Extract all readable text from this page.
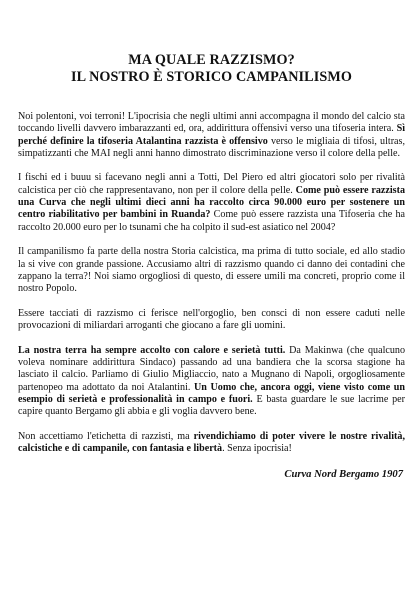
MA QUALE RAZZISMO?
IL NOSTRO È STORICO CAMPANILISMO

Noi polentoni, voi terroni! L'ipocrisia che negli ultimi anni accompagna il mondo del calcio sta toccando livelli davvero imbarazzanti ed, ora, addirittura offensivi verso una tifoseria intera. Sì perché definire la tifoseria Atalantina razzista è offensivo verso le migliaia di tifosi, ultras, simpatizzanti che MAI negli anni hanno dimostrato discriminazione verso il colore della pelle.

I fischi ed i buuu si facevano negli anni a Totti, Del Piero ed altri giocatori solo per rivalità calcistica per ciò che rappresentavano, non per il colore della pelle. Come può essere razzista una Curva che negli ultimi dieci anni ha raccolto circa 90.000 euro per sostenere un centro riabilitativo per bambini in Ruanda? Come può essere razzista una Tifoseria che ha raccolto 20.000 euro per lo tsunami che ha colpito il sud-est asiatico nel 2004?

Il campanilismo fa parte della nostra Storia calcistica, ma prima di tutto sociale, ed allo stadio la si vive con grande passione. Accusiamo altri di razzismo quando ci danno dei contadini che zappano la terra?! Noi siamo orgogliosi di questo, di essere umili ma concreti, proprio come il nostro Popolo.

Essere tacciati di razzismo ci ferisce nell'orgoglio, ben consci di non essere caduti nelle provocazioni di miliardari arroganti che giocano a fare gli uomini.

La nostra terra ha sempre accolto con calore e serietà tutti. Da Makinwa (che qualcuno voleva nominare addirittura Sindaco) passando ad una bandiera che la scorsa stagione ha lasciato il calcio. Parliamo di Giulio Migliaccio, nato a Mugnano di Napoli, orgogliosamente partenopeo ma adottato da noi Atalantini. Un Uomo che, ancora oggi, viene visto come un esempio di serietà e professionalità in campo e fuori. E basta guardare le sue lacrime per capire quanto Bergamo gli abbia e gli voglia davvero bene.

Non accettiamo l'etichetta di razzisti, ma rivendichiamo di poter vivere le nostre rivalità, calcistiche e di campanile, con fantasia e libertà. Senza ipocrisia!

Curva Nord Bergamo 1907
